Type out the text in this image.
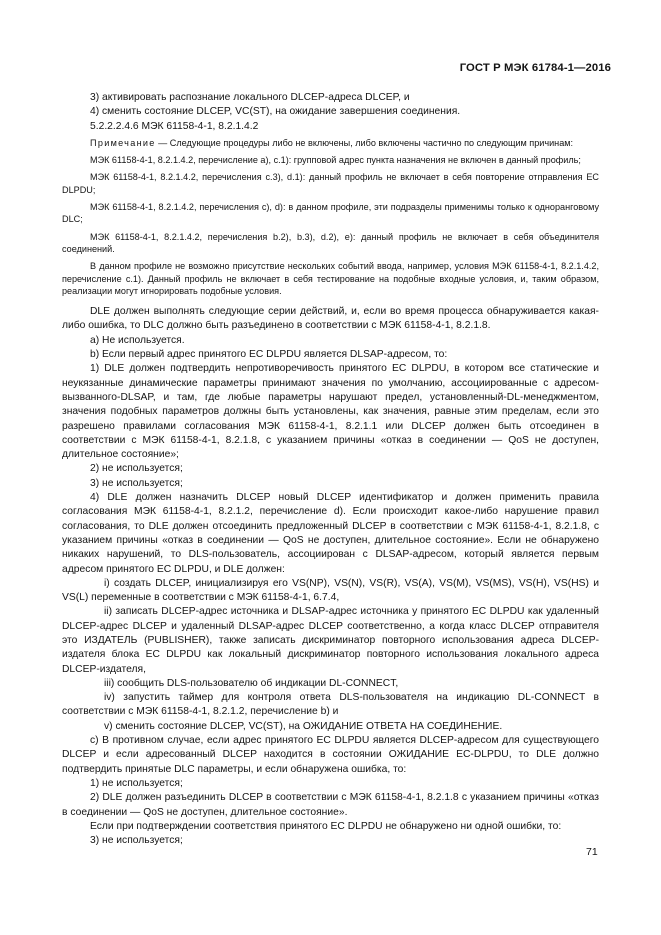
ГОСТ Р МЭК 61784-1—2016

3) активировать распознание локального DLCEP-адреса DLCEP, и

4) сменить состояние DLCEP, VC(ST), на ожидание завершения соединения.

5.2.2.2.4.6 МЭК 61158-4-1, 8.2.1.4.2

Примечание — Следующие процедуры либо не включены, либо включены частично по следующим причинам:

МЭК 61158-4-1, 8.2.1.4.2, перечисление a), c.1): групповой адрес пункта назначения не включен в данный профиль;

МЭК 61158-4-1, 8.2.1.4.2, перечисления c.3), d.1): данный профиль не включает в себя повторение отправления EC DLPDU;

МЭК 61158-4-1, 8.2.1.4.2, перечисления c), d): в данном профиле, эти подразделы применимы только к одноранговому DLC;

МЭК 61158-4-1, 8.2.1.4.2, перечисления b.2), b.3), d.2), e): данный профиль не включает в себя объединителя соединений.

В данном профиле не возможно присутствие нескольких событий ввода, например, условия МЭК 61158-4-1, 8.2.1.4.2, перечисление c.1). Данный профиль не включает в себя тестирование на подобные входные условия, и, таким образом, реализации могут игнорировать подобные условия.

DLE должен выполнять следующие серии действий, и, если во время процесса обнаруживается какая-либо ошибка, то DLC должно быть разъединено в соответствии с МЭК 61158-4-1, 8.2.1.8.

a) Не используется.

b) Если первый адрес принятого EC DLPDU является DLSAP-адресом, то:

1) DLE должен подтвердить непротиворечивость принятого EC DLPDU, в котором все статические и неукязанные динамические параметры принимают значения по умолчанию, ассоциированные с адресом-вызванного-DLSAP, и там, где любые параметры нарушают предел, установленный-DL-менеджментом, значения подобных параметров должны быть установлены, как значения, равные этим пределам, если это разрешено правилами согласования МЭК 61158-4-1, 8.2.1.1 или DLCEP должен быть отсоединен в соответствии с МЭК 61158-4-1, 8.2.1.8, с указанием причины «отказ в соединении — QoS не доступен, длительное состояние»;

2) не используется;

3) не используется;

4) DLE должен назначить DLCEP новый DLCEP идентификатор и должен применить правила согласования МЭК 61158-4-1, 8.2.1.2, перечисление d). Если происходит какое-либо нарушение правил согласования, то DLE должен отсоединить предложенный DLCEP в соответствии с МЭК 61158-4-1, 8.2.1.8, с указанием причины «отказ в соединении — QoS не доступен, длительное состояние». Если не обнаружено никаких нарушений, то DLS-пользователь, ассоциирован с DLSAP-адресом, который является первым адресом принятого EC DLPDU, и DLE должен:

i) создать DLCEP, инициализируя его VS(NP), VS(N), VS(R), VS(A), VS(M), VS(MS), VS(H), VS(HS) и VS(L) переменные в соответствии с МЭК 61158-4-1, 6.7.4,

ii) записать DLCEP-адрес источника и DLSAP-адрес источника у принятого EC DLPDU как удаленный DLCEP-адрес DLCEP и удаленный DLSAP-адрес DLCEP соответственно, а когда класс DLCEP отправителя это ИЗДАТЕЛЬ (PUBLISHER), также записать дискриминатор повторного использования адреса DLCEP-издателя блока EC DLPDU как локальный дискриминатор повторного использования локального адреса DLCEP-издателя,

iii) сообщить DLS-пользователю об индикации DL-CONNECT,

iv) запустить таймер для контроля ответа DLS-пользователя на индикацию DL-CONNECT в соответствии с МЭК 61158-4-1, 8.2.1.2, перечисление b) и

v) сменить состояние DLCEP, VC(ST), на ОЖИДАНИЕ ОТВЕТА НА СОЕДИНЕНИЕ.

c) В противном случае, если адрес принятого EC DLPDU является DLCEP-адресом для существующего DLCEP и если адресованный DLCEP находится в состоянии ОЖИДАНИЕ EC-DLPDU, то DLE должно подтвердить принятые DLC параметры, и если обнаружена ошибка, то:

1) не используется;

2) DLE должен разъединить DLCEP в соответствии с МЭК 61158-4-1, 8.2.1.8 с указанием причины «отказ в соединении — QoS не доступен, длительное состояние».

Если при подтверждении соответствия принятого EC DLPDU не обнаружено ни одной ошибки, то:

3) не используется;

71
